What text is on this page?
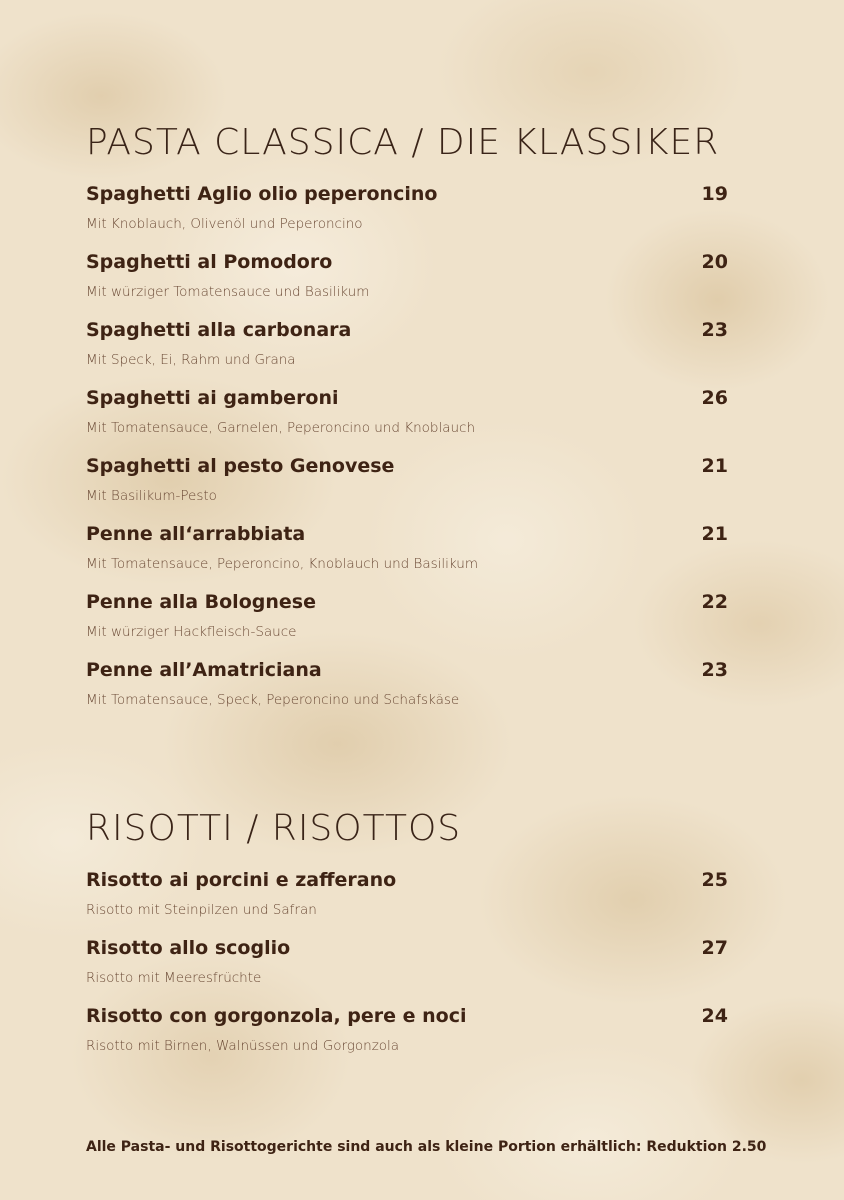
PASTA CLASSICA / DIE KLASSIKER
Spaghetti Aglio olio peperoncino	19
Mit Knoblauch, Olivenöl und Peperoncino
Spaghetti al Pomodoro	20
Mit würziger Tomatensauce und Basilikum
Spaghetti alla carbonara	23
Mit Speck, Ei, Rahm und Grana
Spaghetti ai gamberoni	26
Mit Tomatensauce, Garnelen, Peperoncino und Knoblauch
Spaghetti al pesto Genovese	21
Mit Basilikum-Pesto
Penne all‘arrabbiata	21
Mit Tomatensauce, Peperoncino, Knoblauch und Basilikum
Penne alla Bolognese	22
Mit würziger Hackfleisch-Sauce
Penne all’Amatriciana	23
Mit Tomatensauce, Speck, Peperoncino und Schafskäse
RISOTTI / RISOTTOS
Risotto ai porcini e zafferano	25
Risotto mit Steinpilzen und Safran
Risotto allo scoglio	27
Risotto mit Meeresfrüchte
Risotto con gorgonzola, pere e noci	24
Risotto mit Birnen, Walnüssen und Gorgonzola

Alle Pasta- und Risottogerichte sind auch als kleine Portion erhältlich: Reduktion 2.50
